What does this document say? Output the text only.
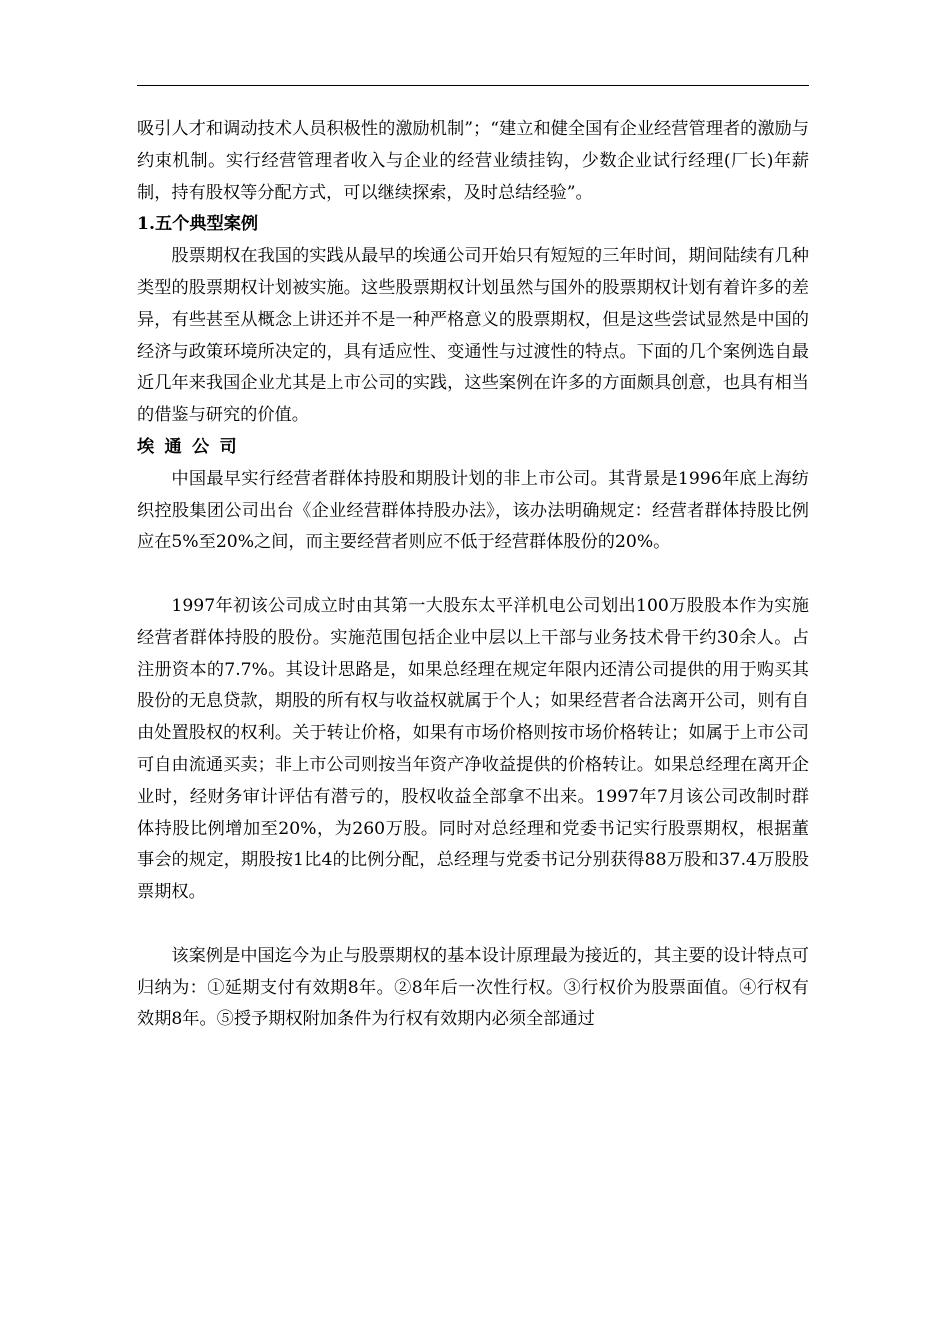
吸引人才和调动技术人员积极性的激励机制”；“建立和健全国有企业经营管理者的激励与约束机制。实行经营管理者收入与企业的经营业绩挂钩，少数企业试行经理(厂长)年薪制，持有股权等分配方式，可以继续探索，及时总结经验”。

1.五个典型案例

股票期权在我国的实践从最早的埃通公司开始只有短短的三年时间，期间陆续有几种类型的股票期权计划被实施。这些股票期权计划虽然与国外的股票期权计划有着许多的差异，有些甚至从概念上讲还并不是一种严格意义的股票期权，但是这些尝试显然是中国的经济与政策环境所决定的，具有适应性、变通性与过渡性的特点。下面的几个案例选自最近几年来我国企业尤其是上市公司的实践，这些案例在许多的方面颇具创意，也具有相当的借鉴与研究的价值。

埃通公司

中国最早实行经营者群体持股和期股计划的非上市公司。其背景是1996年底上海纺织控股集团公司出台《企业经营群体持股办法》，该办法明确规定：经营者群体持股比例应在5%至20%之间，而主要经营者则应不低于经营群体股份的20%。

1997年初该公司成立时由其第一大股东太平洋机电公司划出100万股股本作为实施经营者群体持股的股份。实施范围包括企业中层以上干部与业务技术骨干约30余人。占注册资本的7.7%。其设计思路是，如果总经理在规定年限内还清公司提供的用于购买其股份的无息贷款，期股的所有权与收益权就属于个人；如果经营者合法离开公司，则有自由处置股权的权利。关于转让价格，如果有市场价格则按市场价格转让；如属于上市公司可自由流通买卖；非上市公司则按当年资产净收益提供的价格转让。如果总经理在离开企业时，经财务审计评估有潜亏的，股权收益全部拿不出来。1997年7月该公司改制时群体持股比例增加至20%，为260万股。同时对总经理和党委书记实行股票期权，根据董事会的规定，期股按1比4的比例分配，总经理与党委书记分别获得88万股和37.4万股股票期权。

该案例是中国迄今为止与股票期权的基本设计原理最为接近的，其主要的设计特点可归纳为：①延期支付有效期8年。②8年后一次性行权。③行权价为股票面值。④行权有效期8年。⑤授予期权附加条件为行权有效期内必须全部通过
